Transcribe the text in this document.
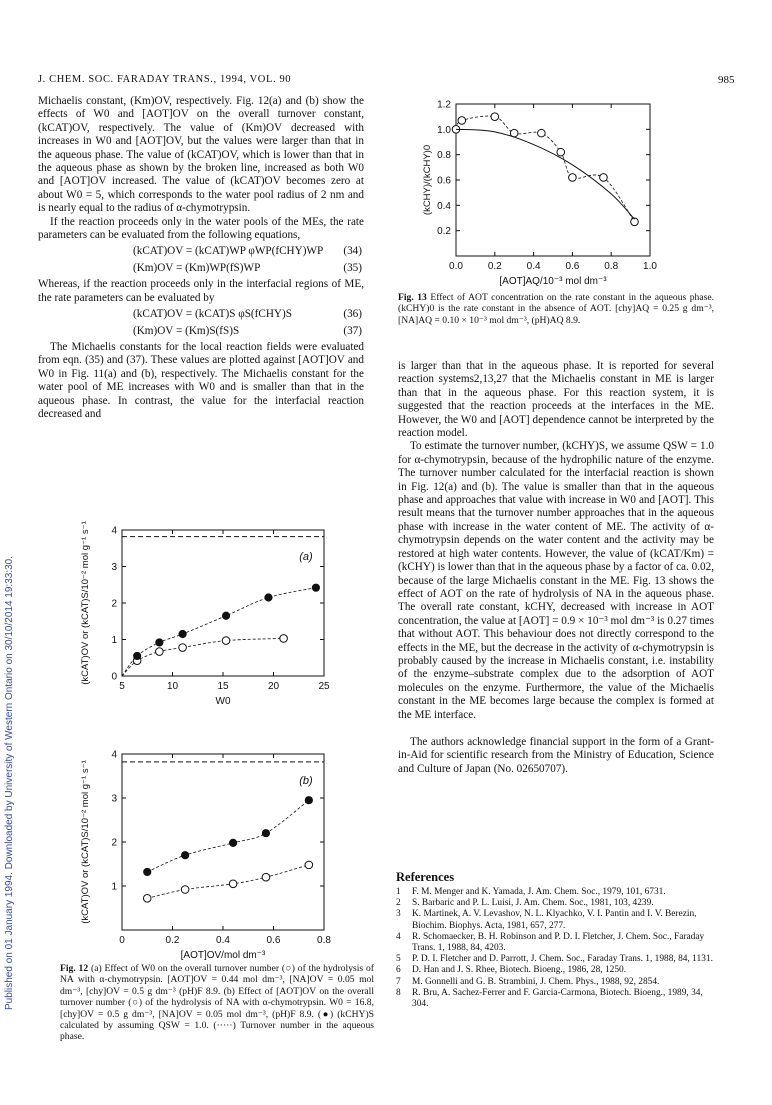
J. CHEM. SOC. FARADAY TRANS., 1994, VOL. 90	985
Published on 01 January 1994. Downloaded by University of Western Ontario on 30/10/2014 19:33:30.

Michaelis constant, (Km)OV, respectively. Fig. 12(a) and (b) show the effects of W0 and [AOT]OV on the overall turnover constant, (kCAT)OV, respectively. The value of (Km)OV decreased with increases in W0 and [AOT]OV, but the values were larger than that in the aqueous phase. The value of (kCAT)OV, which is lower than that in the aqueous phase as shown by the broken line, increased as both W0 and [AOT]OV increased. The value of (kCAT)OV becomes zero at about W0 = 5, which corresponds to the water pool radius of 2 nm and is nearly equal to the radius of α-chymotrypsin.

If the reaction proceeds only in the water pools of the MEs, the rate parameters can be evaluated from the following equations,

(kCAT)OV = (kCAT)WP φWP(fCHY)WP (34)
(Km)OV = (Km)WP(fS)WP	(35)

Whereas, if the reaction proceeds only in the interfacial regions of ME, the rate parameters can be evaluated by

(kCAT)OV = (kCAT)S φS(fCHY)S	(36)
(Km)OV = (Km)S(fS)S	(37)

The Michaelis constants for the local reaction fields were evaluated from eqn. (35) and (37). These values are plotted against [AOT]OV and W0 in Fig. 11(a) and (b), respectively. The Michaelis constant for the water pool of ME increases with W0 and is smaller than that in the aqueous phase. In contrast, the value for the interfacial reaction decreased and

0.0 0.2 0.4 0.6 0.8 1.0
0.2
0.4
0.6
0.8
1.0
1.2
[AOT]AQ/10⁻³ mol dm⁻³
(kCHY)/(kCHY)0
Fig. 13 Effect of AOT concentration on the rate constant in the aqueous phase. (kCHY)0 is the rate constant in the absence of AOT. [chy]AQ = 0.25 g dm⁻³, [NA]AQ = 0.10 × 10⁻³ mol dm⁻³, (pH)AQ 8.9.

is larger than that in the aqueous phase. It is reported for several reaction systems2,13,27 that the Michaelis constant in ME is larger than that in the aqueous phase. For this reaction system, it is suggested that the reaction proceeds at the interfaces in the ME. However, the W0 and [AOT] dependence cannot be interpreted by the reaction model.

To estimate the turnover number, (kCHY)S, we assume QSW = 1.0 for α-chymotrypsin, because of the hydrophilic nature of the enzyme. The turnover number calculated for the interfacial reaction is shown in Fig. 12(a) and (b). The value is smaller than that in the aqueous phase and approaches that value with increase in W0 and [AOT]. This result means that the turnover number approaches that in the aqueous phase with increase in the water content of ME. The activity of α-chymotrypsin depends on the water content and the activity may be restored at high water contents. However, the value of (kCAT/Km) = (kCHY) is lower than that in the aqueous phase by a factor of ca. 0.02, because of the large Michaelis constant in the ME. Fig. 13 shows the effect of AOT on the rate of hydrolysis of NA in the aqueous phase. The overall rate constant, kCHY, decreased with increase in AOT concentration, the value at [AOT] = 0.9 × 10⁻³ mol dm⁻³ is 0.27 times that without AOT. This behaviour does not directly correspond to the effects in the ME, but the decrease in the activity of α-chymotrypsin is probably caused by the increase in Michaelis constant, i.e. instability of the enzyme–substrate complex due to the adsorption of AOT molecules on the enzyme. Furthermore, the value of the Michaelis constant in the ME becomes large because the complex is formed at the ME interface.

The authors acknowledge financial support in the form of a Grant-in-Aid for scientific research from the Ministry of Education, Science and Culture of Japan (No. 02650707).

5	10	15	20	25
0
1
2
3
4
W0
(kCAT)OV or (kCAT)S/10⁻² mol g⁻¹ s⁻¹	(a)
0	0.2	0.4	0.6	0.8
1
2
3
4
[AOT]OV/mol dm⁻³
(kCAT)OV or (kCAT)S/10⁻² mol g⁻¹ s⁻¹	(b)
Fig. 12 (a) Effect of W0 on the overall turnover number (○) of the hydrolysis of NA with α-chymotrypsin. [AOT]OV = 0.44 mol dm⁻³, [NA]OV = 0.05 mol dm⁻³, [chy]OV = 0.5 g dm⁻³ (pH)F 8.9. (b) Effect of [AOT]OV on the overall turnover number (○) of the hydrolysis of NA with α-chymotrypsin. W0 = 16.8, [chy]OV = 0.5 g dm⁻³, [NA]OV = 0.05 mol dm⁻³, (pH)F 8.9. (●) (kCHY)S calculated by assuming QSW = 1.0. (·····) Turnover number in the aqueous phase.
References
1	F. M. Menger and K. Yamada, J. Am. Chem. Soc., 1979, 101, 6731.
2	S. Barbaric and P. L. Luisi, J. Am. Chem. Soc., 1981, 103, 4239.
3	K. Martinek, A. V. Levashov, N. L. Klyachko, V. I. Pantin and I. V. Berezin, Biochim. Biophys. Acta, 1981, 657, 277.
4	R. Schomaecker, B. H. Robinson and P. D. I. Fletcher, J. Chem. Soc., Faraday Trans. 1, 1988, 84, 4203.
5	P. D. I. Fletcher and D. Parrott, J. Chem. Soc., Faraday Trans. 1, 1988, 84, 1131.
6	D. Han and J. S. Rhee, Biotech. Bioeng., 1986, 28, 1250.
7	M. Gonnelli and G. B. Strambini, J. Chem. Phys., 1988, 92, 2854.
8	R. Bru, A. Sachez-Ferrer and F. Garcia-Carmona, Biotech. Bioeng., 1989, 34, 304.
